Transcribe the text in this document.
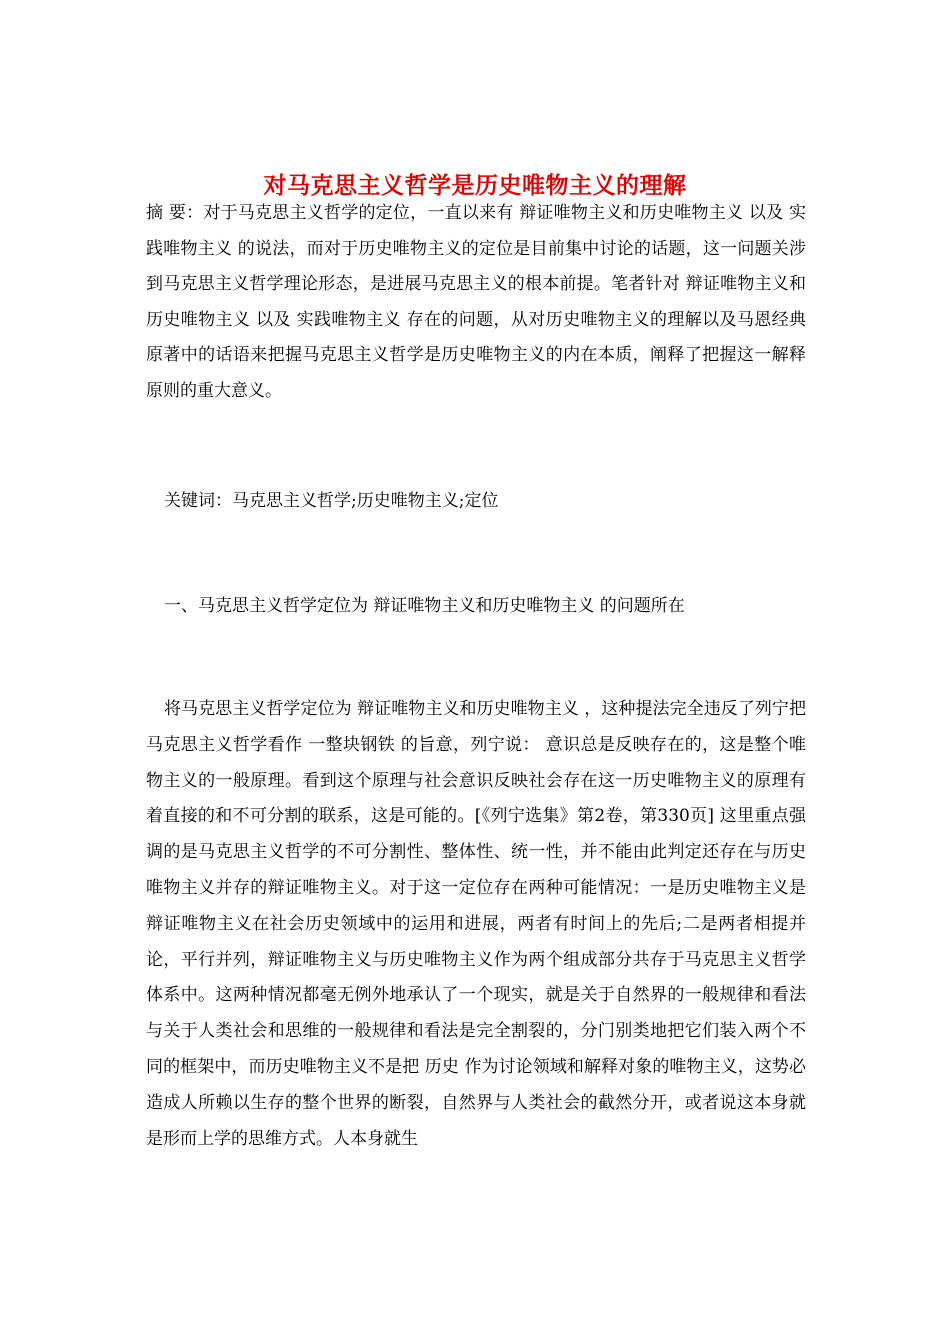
对马克思主义哲学是历史唯物主义的理解

摘 要：对于马克思主义哲学的定位，一直以来有 辩证唯物主义和历史唯物主义 以及 实践唯物主义 的说法，而对于历史唯物主义的定位是目前集中讨论的话题，这一问题关涉到马克思主义哲学理论形态，是进展马克思主义的根本前提。笔者针对 辩证唯物主义和历史唯物主义 以及 实践唯物主义 存在的问题，从对历史唯物主义的理解以及马恩经典原著中的话语来把握马克思主义哲学是历史唯物主义的内在本质，阐释了把握这一解释原则的重大意义。

关键词：马克思主义哲学;历史唯物主义;定位

一、马克思主义哲学定位为 辩证唯物主义和历史唯物主义 的问题所在

将马克思主义哲学定位为 辩证唯物主义和历史唯物主义 ，这种提法完全违反了列宁把马克思主义哲学看作 一整块钢铁 的旨意，列宁说： 意识总是反映存在的，这是整个唯物主义的一般原理。看到这个原理与社会意识反映社会存在这一历史唯物主义的原理有着直接的和不可分割的联系，这是可能的。[《列宁选集》第2卷，第330页] 这里重点强调的是马克思主义哲学的不可分割性、整体性、统一性，并不能由此判定还存在与历史唯物主义并存的辩证唯物主义。对于这一定位存在两种可能情况：一是历史唯物主义是辩证唯物主义在社会历史领域中的运用和进展，两者有时间上的先后;二是两者相提并论，平行并列，辩证唯物主义与历史唯物主义作为两个组成部分共存于马克思主义哲学体系中。这两种情况都毫无例外地承认了一个现实，就是关于自然界的一般规律和看法与关于人类社会和思维的一般规律和看法是完全割裂的，分门别类地把它们装入两个不同的框架中，而历史唯物主义不是把 历史 作为讨论领域和解释对象的唯物主义，这势必造成人所赖以生存的整个世界的断裂，自然界与人类社会的截然分开，或者说这本身就是形而上学的思维方式。人本身就生
